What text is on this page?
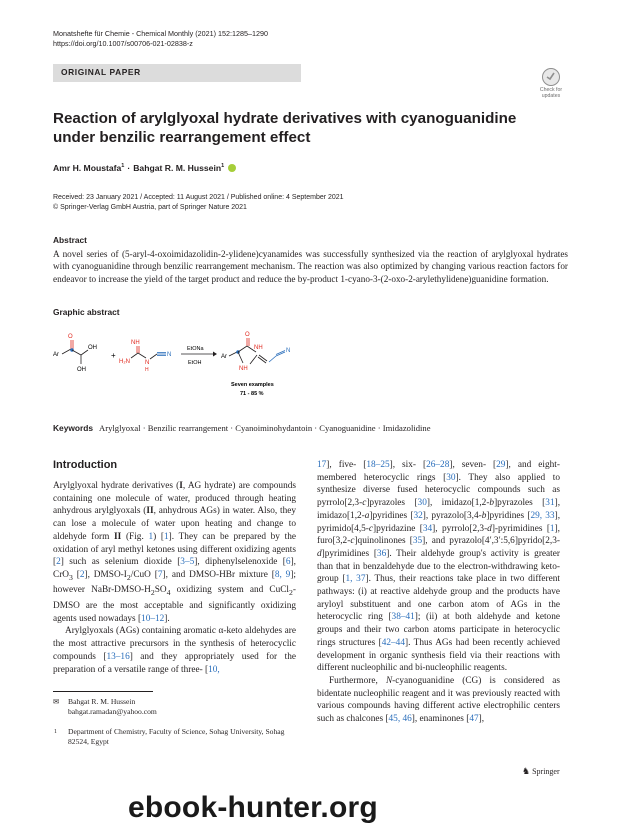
Monatshefte für Chemie - Chemical Monthly (2021) 152:1285–1290
https://doi.org/10.1007/s00706-021-02838-z
ORIGINAL PAPER
Check for
updates
Reaction of arylglyoxal hydrate derivatives with cyanoguanidine under benzilic rearrangement effect
Amr H. Moustafa$^1$ · Bahgat R. M. Hussein$^1$
Received: 23 January 2021 / Accepted: 11 August 2021 / Published online: 4 September 2021
© Springer-Verlag GmbH Austria, part of Springer Nature 2021
Abstract
A novel series of (5-aryl-4-oxoimidazolidin-2-ylidene)cyanamides was successfully synthesized via the reaction of arylglyoxal hydrates with cyanoguanidine through benzilic rearrangement mechanism. The reaction was also optimized by changing various reaction factors for endeavor to increase the yield of the target product and reduce the by-product 1-cyano-3-(2-oxo-2-arylethylidene)guanidine formation.
Graphic abstract
Ar
O
OH
OH
+
NH
H₂N	N
H
N
EtONa
EtOH
Ar
O
NH
NH
N
Seven examples
71 - 85 %
Keywords Arylglyoxal · Benzilic rearrangement · Cyanoiminohydantoin · Cyanoguanidine · Imidazolidine
Introduction

Arylglyoxal hydrate derivatives (I, AG hydrate) are compounds containing one molecule of water, produced through heating anhydrous arylglyoxals (II, anhydrous AGs) in water. Also, they can lose a molecule of water upon heating and change to aldehyde form II (Fig. 1) [1]. They can be prepared by the oxidation of aryl methyl ketones using different oxidizing agents [2] such as selenium dioxide [3–5], diphenylselenoxide [6], CrO$_3$ [2], DMSO-$I_2$/CuO [7], and DMSO-HBr mixture [8, 9]; however NaBr-$DMSO-H_2SO_4$ oxidizing system and CuCl$_2$-DMSO are the most acceptable and significantly oxidizing agents used nowadays [10–12].

Arylglyoxals (AGs) containing aromatic α-keto aldehydes are the most attractive precursors in the synthesis of heterocyclic compounds [13–16] and they appropriately used for the preparation of a versatile range of three- [10,

17], five- [18–25], six- [26–28], seven- [29], and eight-membered heterocyclic rings [30]. They also applied to synthesize diverse fused heterocyclic compounds such as pyrrolo[2,3-c]pyrazoles [30], imidazo[1,2-b]pyrazoles [31], imidazo[1,2-a]pyridines [32], pyrazolo[3,4-b]pyridines [29, 33], pyrimido[4,5-c]pyridazine [34], pyrrolo[2,3-d]-pyrimidines [1], furo[3,2-c]quinolinones [35], and pyrazolo[4′,3′:5,6]pyrido[2,3-d]pyrimidines [36]. Their aldehyde group's activity is greater than that in benzaldehyde due to the electron-withdrawing keto-group [1, 37]. Thus, their reactions take place in two different pathways: (i) at reactive aldehyde group and the products have aryloyl substituent and one carbon atom of AGs in the heterocyclic ring [38–41]; (ii) at both aldehyde and ketone groups and their two carbon atoms participate in heterocyclic rings structures [42–44]. Thus AGs had been recently achieved development in organic synthesis field via their reactions with different nucleophilic and bi-nucleophilic reagents.

Furthermore, N-cyanoguanidine (CG) is considered as bidentate nucleophilic reagent and it was previously reacted with various compounds having different active electrophilic centers such as chalcones [45, 46], enaminones [47],

✉ Bahgat R. M. Hussein
bahgat.ramadan@yahoo.com
1 Department of Chemistry, Faculty of Science, Sohag University, Sohag 82524, Egypt
♞ Springer
ebook-hunter.org
